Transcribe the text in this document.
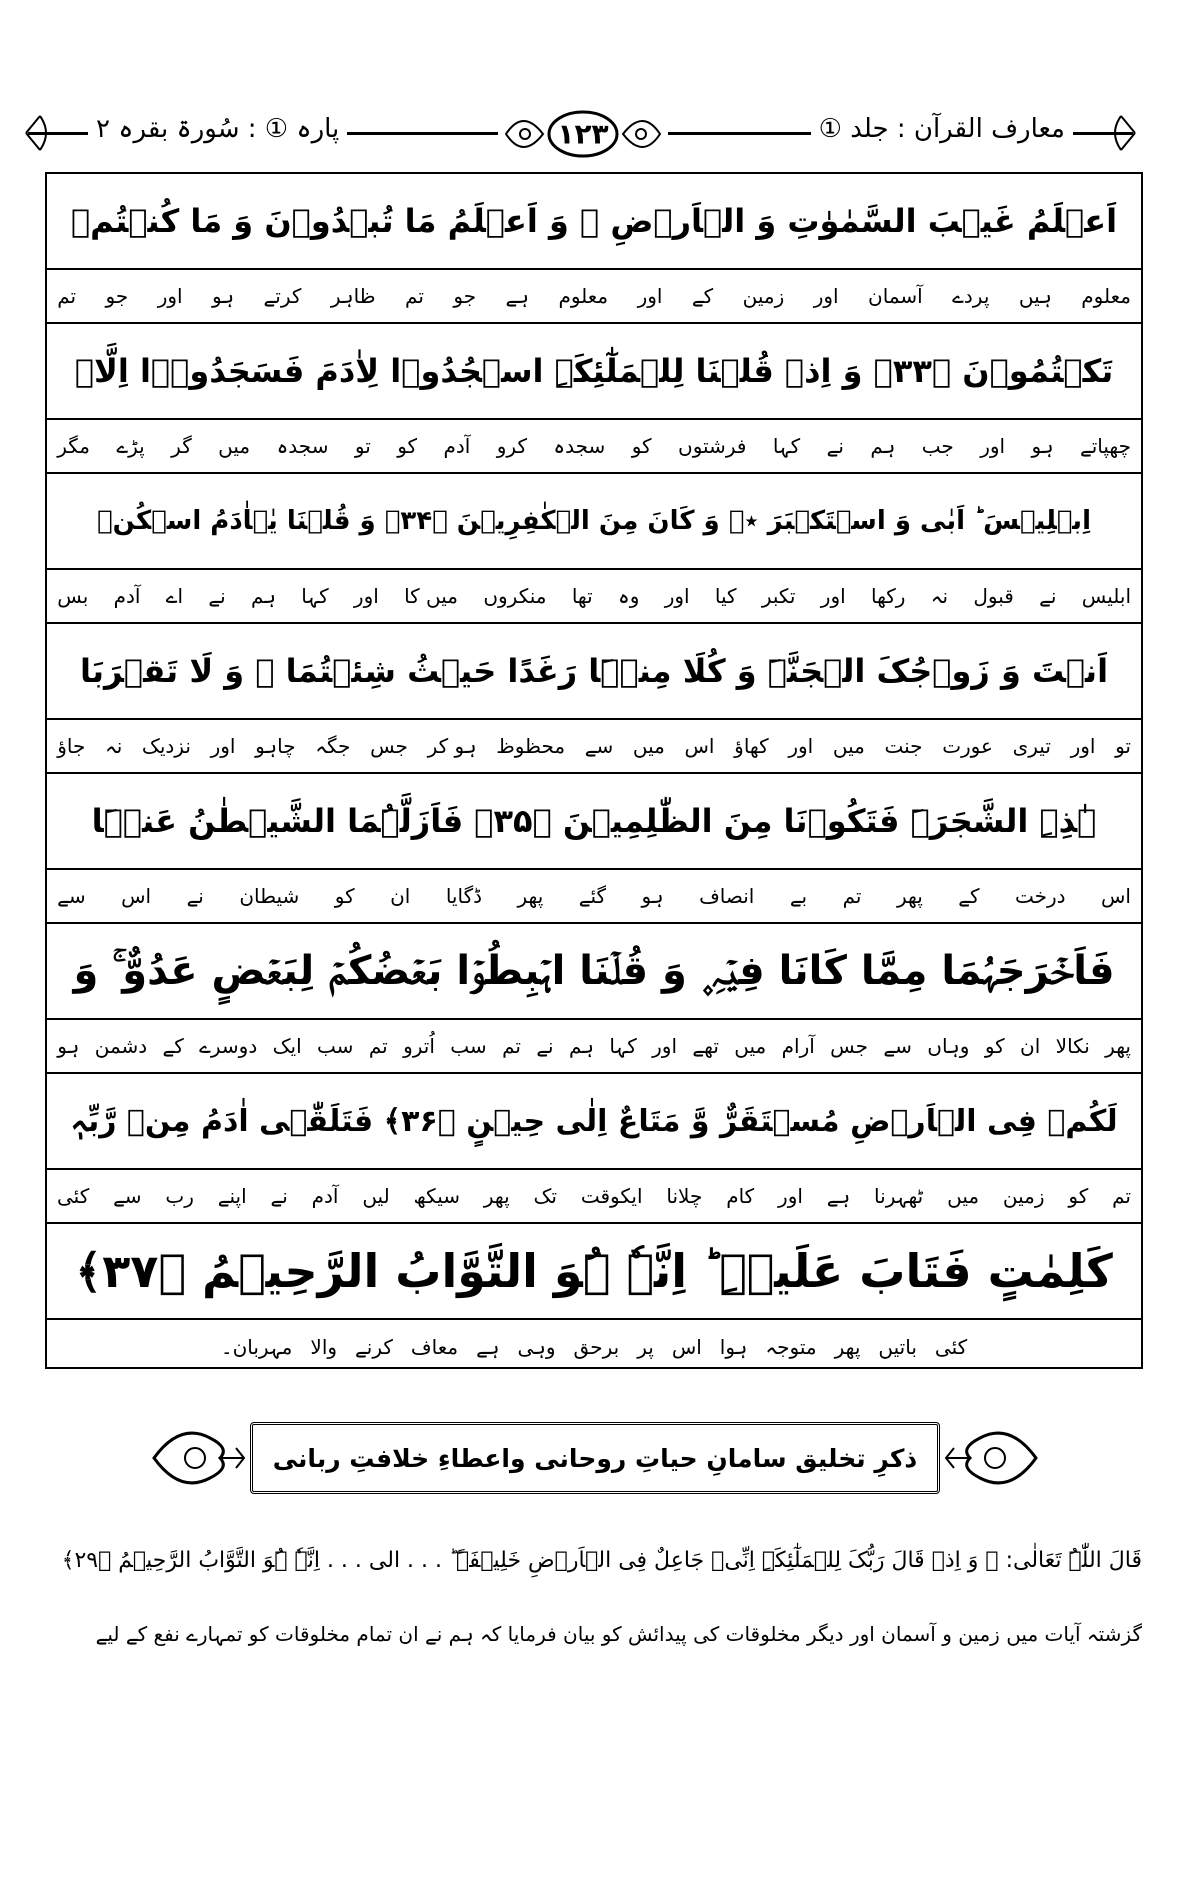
معارف القرآن : جلد ①
پارہ ① : سُورۃ بقرہ ۲	۱۲۳
اَعۡلَمُ غَیۡبَ السَّمٰوٰتِ وَ الۡاَرۡضِ ۙ وَ اَعۡلَمُ مَا تُبۡدُوۡنَ وَ مَا کُنۡتُمۡ
معلوم
ہیں
پردے
آسمان
اور
زمین
کے
اور
معلوم
ہے
جو
تم
ظاہر
کرتے
ہو
اور
جو
تم
تَکۡتُمُوۡنَ ﴿۳۳﴾ وَ اِذۡ قُلۡنَا لِلۡمَلٰٓئِکَۃِ اسۡجُدُوۡا لِاٰدَمَ فَسَجَدُوۡۤا اِلَّاۤ
چھپاتے
ہو
اور
جب
ہم
نے
کہا
فرشتوں
کو
سجدہ
کرو
آدم
کو
تو
سجدہ
میں
گر
پڑے
مگر
اِبۡلِیۡسَ ؕ اَبٰی وَ اسۡتَکۡبَرَ ٭۫ وَ کَانَ مِنَ الۡکٰفِرِیۡنَ ﴿۳۴﴾ وَ قُلۡنَا یٰۤاٰدَمُ اسۡکُنۡ
ابلیس
نے
قبول
نہ
رکھا
اور
تکبر
کیا
اور
وہ
تھا
منکروں
میں کا
اور
کہا
ہم
نے
اے
آدم
بس
اَنۡتَ وَ زَوۡجُکَ الۡجَنَّۃَ وَ کُلَا مِنۡہَا رَغَدًا حَیۡثُ شِئۡتُمَا ۪ وَ لَا تَقۡرَبَا
تو
اور
تیری
عورت
جنت
میں
اور
کھاؤ
اس
میں
سے
محظوظ
ہو کر
جس
جگہ
چاہو
اور
نزدیک
نہ
جاؤ
ہٰذِہِ الشَّجَرَۃَ فَتَکُوۡنَا مِنَ الظّٰلِمِیۡنَ ﴿۳۵﴾ فَاَزَلَّہُمَا الشَّیۡطٰنُ عَنۡہَا
اس
درخت
کے
پھر
تم
بے
انصاف
ہو
گئے
پھر
ڈگایا
ان
کو
شیطان
نے
اس
سے
فَاَخۡرَجَہُمَا مِمَّا کَانَا فِیۡہِ ۪ وَ قُلۡنَا اہۡبِطُوۡا بَعۡضُکُمۡ لِبَعۡضٍ عَدُوٌّ ۚ وَ
پھر
نکالا
ان
کو
وہاں
سے
جس
آرام
میں
تھے
اور
کہا
ہم
نے
تم
سب
اُترو
تم
سب
ایک
دوسرے
کے
دشمن
ہو
لَکُمۡ فِی الۡاَرۡضِ مُسۡتَقَرٌّ وَّ مَتَاعٌ اِلٰی حِیۡنٍ ﴿۳۶﴾ فَتَلَقّٰۤی اٰدَمُ مِنۡ رَّبِّہٖ
تم
کو
زمین
میں
ٹھہرنا
ہے
اور
کام
چلانا
ایکوقت
تک
پھر
سیکھ
لیں
آدم
نے
اپنے
رب
سے
کئی
کَلِمٰتٍ فَتَابَ عَلَیۡہِ ؕ اِنَّہٗ ہُوَ التَّوَّابُ الرَّحِیۡمُ ﴿۳۷﴾
کئی
باتیں
پھر
متوجہ
ہوا
اس
پر
برحق
وہی
ہے
معاف
کرنے
والا
مہربان۔
ذکرِ تخلیق سامانِ حیاتِ روحانی واعطاءِ خلافتِ ربانی
قَالَ اللّٰہُ تَعَالٰی: ﴿ وَ اِذۡ قَالَ رَبُّکَ لِلۡمَلٰٓئِکَۃِ اِنِّیۡ جَاعِلٌ فِی الۡاَرۡضِ خَلِیۡفَۃً ؕ . . . الی . . . اِنَّہٗ ہُوَ التَّوَّابُ الرَّحِیۡمُ ﴿۲۹﴾
گزشتہ آیات میں زمین و آسمان اور دیگر مخلوقات کی پیدائش کو بیان فرمایا کہ ہم نے ان تمام مخلوقات کو تمہارے نفع کے لیے
